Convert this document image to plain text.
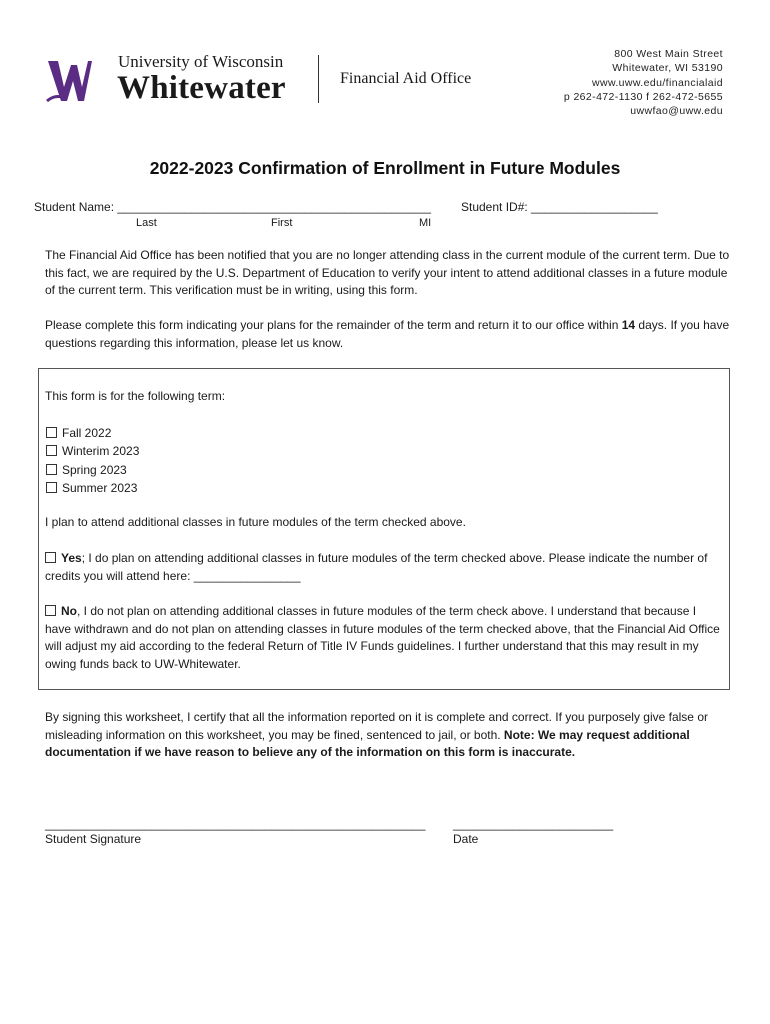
University of Wisconsin
Whitewater	Financial Aid Office
800 West Main Street
Whitewater, WI 53190
www.uww.edu/financialaid
p 262-472-1130 f 262-472-5655
uwwfao@uww.edu
2022-2023 Confirmation of Enrollment in Future Modules
Student Name: _______________________________________________ Student ID#: ___________________
Last	First	MI
The Financial Aid Office has been notified that you are no longer attending class in the current module of the current term. Due to this fact, we are required by the U.S. Department of Education to verify your intent to attend additional classes in a future module of the current term. This verification must be in writing, using this form.
Please complete this form indicating your plans for the remainder of the term and return it to our office within 14 days. If you have questions regarding this information, please let us know.
This form is for the following term:
Fall 2022
Winterim 2023
Spring 2023
Summer 2023
I plan to attend additional classes in future modules of the term checked above.
Yes; I do plan on attending additional classes in future modules of the term checked above. Please indicate the number of credits you will attend here: ________________
No, I do not plan on attending additional classes in future modules of the term check above. I understand that because I have withdrawn and do not plan on attending classes in future modules of the term checked above, that the Financial Aid Office will adjust my aid according to the federal Return of Title IV Funds guidelines. I further understand that this may result in my owing funds back to UW-Whitewater.
By signing this worksheet, I certify that all the information reported on it is complete and correct. If you purposely give false or misleading information on this worksheet, you may be fined, sentenced to jail, or both. Note: We may request additional documentation if we have reason to believe any of the information on this form is inaccurate.
_________________________________________________________ ________________________
Student Signature	Date
